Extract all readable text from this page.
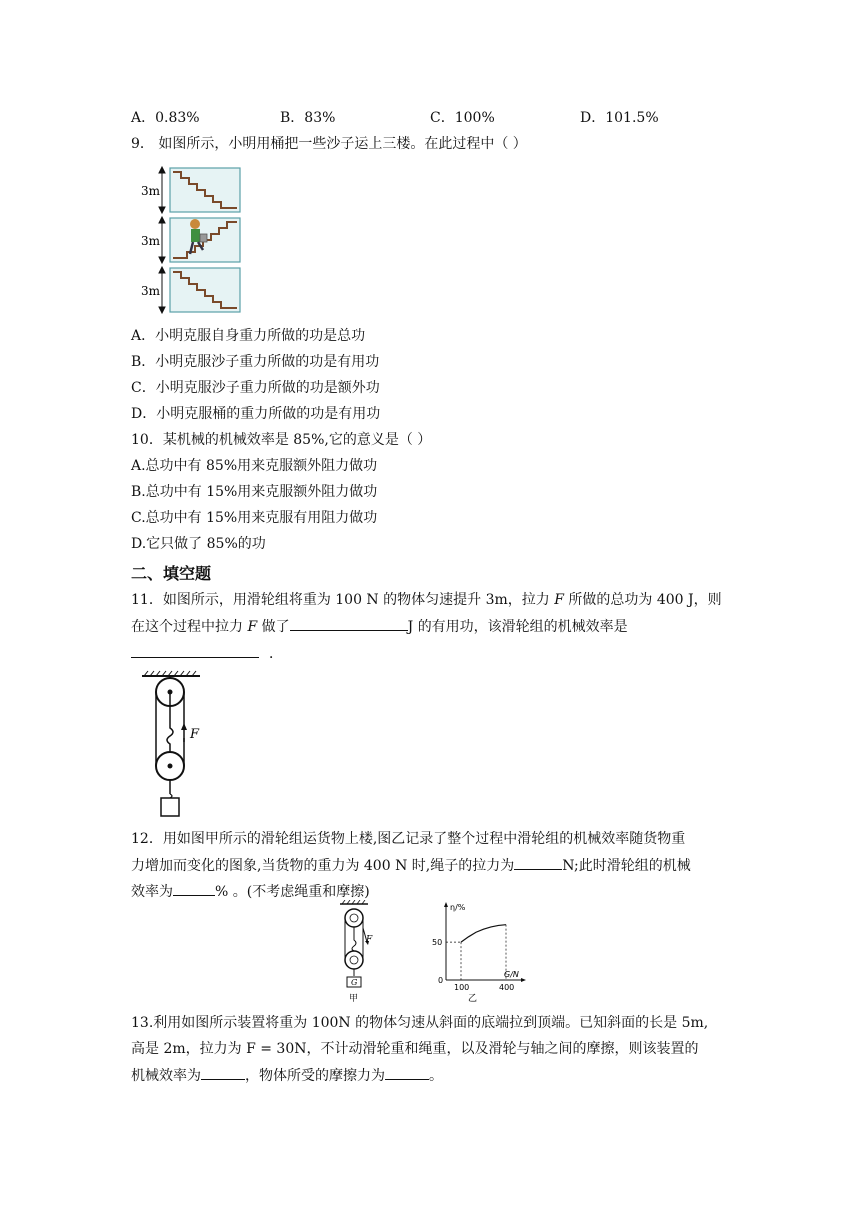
A．0.83%	B．83%	C．100%	D．101.5%
9． 如图所示，小明用桶把一些沙子运上三楼。在此过程中（ ）
3m
3m
3m
A．小明克服自身重力所做的功是总功
B．小明克服沙子重力所做的功是有用功
C．小明克服沙子重力所做的功是额外功
D．小明克服桶的重力所做的功是有用功
10．某机械的机械效率是 85%,它的意义是（ ）
A.总功中有 85%用来克服额外阻力做功
B.总功中有 15%用来克服额外阻力做功
C.总功中有 15%用来克服有用阻力做功
D.它只做了 85%的功
二、填空题
11．如图所示，用滑轮组将重为 100 N 的物体匀速提升 3m，拉力 F 所做的总功为 400 J，则
在这个过程中拉力 F 做了	J 的有用功，该滑轮组的机械效率是
．
F
12．用如图甲所示的滑轮组运货物上楼,图乙记录了整个过程中滑轮组的机械效率随货物重
力增加而变化的图象,当货物的重力为 400 N 时,绳子的拉力为	N;此时滑轮组的机械
效率为	% 。(不考虑绳重和摩擦)
F
G
甲
η/%
G/N
0
100	400
50
乙
13.利用如图所示装置将重为 100N 的物体匀速从斜面的底端拉到顶端。已知斜面的长是 5m,
高是 2m，拉力为 F = 30N，不计动滑轮重和绳重，以及滑轮与轴之间的摩擦，则该装置的
机械效率为	，物体所受的摩擦力为	。
